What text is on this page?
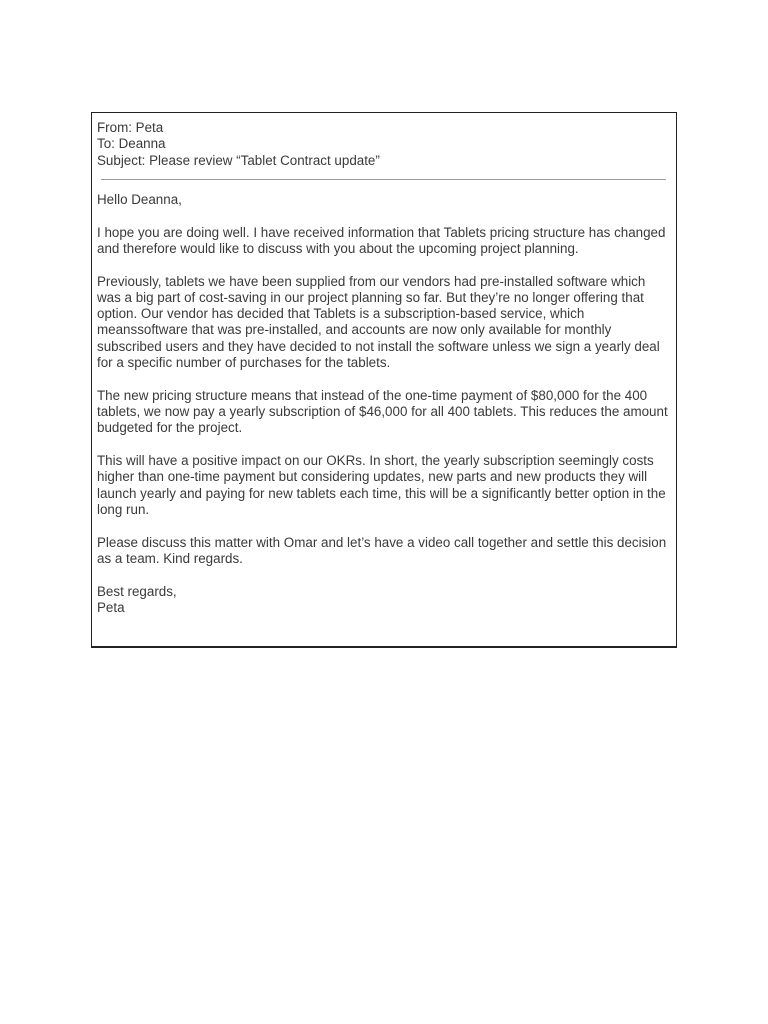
From: Peta
To: Deanna
Subject: Please review “Tablet Contract update”

Hello Deanna,

I hope you are doing well. I have received information that Tablets pricing structure has changed and therefore would like to discuss with you about the upcoming project planning.

Previously, tablets we have been supplied from our vendors had pre-installed software which was a big part of cost-saving in our project planning so far. But they’re no longer offering that option. Our vendor has decided that Tablets is a subscription-based service, which meanssoftware that was pre-installed, and accounts are now only available for monthly subscribed users and they have decided to not install the software unless we sign a yearly deal for a specific number of purchases for the tablets.

The new pricing structure means that instead of the one-time payment of $80,000 for the 400 tablets, we now pay a yearly subscription of $46,000 for all 400 tablets. This reduces the amount budgeted for the project.

This will have a positive impact on our OKRs. In short, the yearly subscription seemingly costs higher than one-time payment but considering updates, new parts and new products they will launch yearly and paying for new tablets each time, this will be a significantly better option in the long run.

Please discuss this matter with Omar and let’s have a video call together and settle this decision as a team. Kind regards.

Best regards,
Peta
